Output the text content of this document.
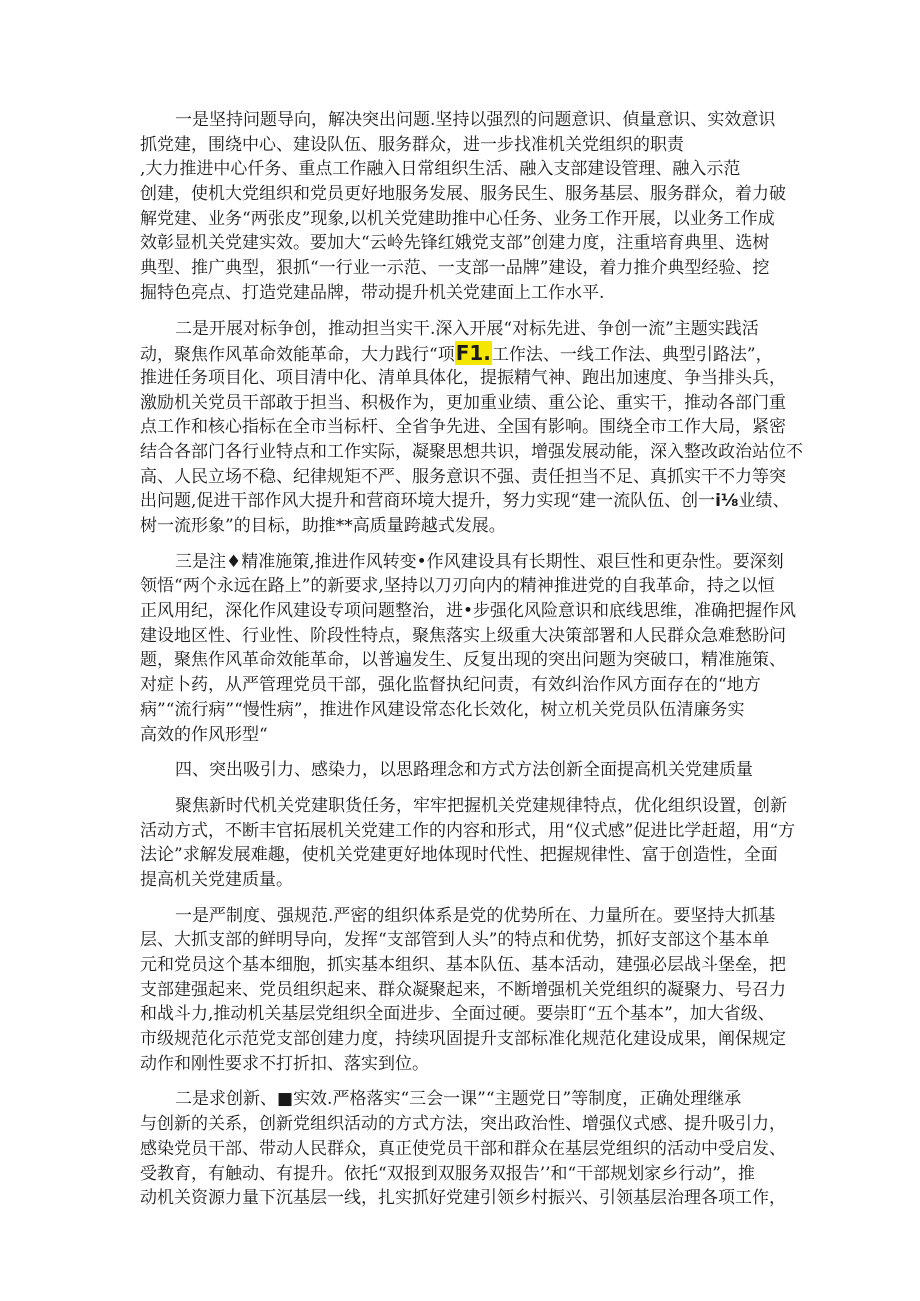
一是坚持问题导向，解决突出问题.坚持以强烈的问题意识、偵量意识、实效意识
抓党建，围绕中心、建设队伍、服务群众，进一步找准机关党组织的职责
,大力推进中心仟务、重点工作融入日常组织生活、融入支部建设管理、融入示范
创建，使机大党组织和党员更好地服务发展、服务民生、服务基层、服务群众，着力破
解党建、业务“两张皮”现象,以机关党建助推中心任务、业务工作开展，以业务工作成
效彰显机关党建实效。要加大“云岭先锋红娥党支部”创建力度，注重培育典里、选树
典型、推广典型，狠抓“一行业一示范、一支部一品牌”建设，着力推介典型经验、挖
掘特色亮点、打造党建品牌，带动提升机关党建面上工作水平.
二是开展对标争创，推动担当实干.深入开展“对标先进、争创一流”主题实践活
动，聚焦作风革命效能革命，大力践行“项F1.工作法、一线工作法、典型引路法”，
推进任务项目化、项目清中化、清单具体化，提振精气神、跑出加速度、争当排头兵，
激励机关党员干部敢于担当、积极作为，更加重业绩、重公论、重实干，推动各部门重
点工作和核心指标在全市当标杆、全省争先进、全国有影响。围绕全市工作大局，紧密
结合各部门各行业特点和工作实际，凝聚思想共识，增强发展动能，深入整改政治站位不
高、人民立场不稳、纪律规矩不严、服务意识不强、责任担当不足、真抓实干不力等突
出问题,促进干部作风大提升和营商环境大提升，努力实现“建一流队伍、创一i⅛业绩、
树一流形象”的目标，助推**高质量跨越式发展。
三是注♦精准施策,推进作风转变•作风建设具有长期性、艰巨性和更杂性。要深刻
领悟“两个永远在路上”的新要求,坚持以刀刃向内的精神推进党的自我革命，持之以恒
正风用纪，深化作风建设专项问题整治，进•步强化风险意识和底线思维，准确把握作风
建设地区性、行业性、阶段性特点，聚焦落实上级重大决策部署和人民群众急难愁盼问
题，聚焦作风革命效能革命，以普遍发生、反复出现的突出问题为突破口，精准施策、
对症卜药，从严管理党员干部，强化监督执纪问责，有效纠治作风方面存在的“地方
病”“流行病”“慢性病”，推进作风建设常态化长效化，树立机关党员队伍清廉务实
高效的作风形型“
四、突出吸引力、感染力，以思路理念和方式方法创新全面提高机关党建质量
聚焦新时代机关党建职货任务，牢牢把握机关党建规律特点，优化组织设置，创新
活动方式，不断丰官拓展机关党建工作的内容和形式，用“仪式感”促进比学赶超，用“方
法论”求解发展难趣，使机关党建更好地体现时代性、把握规律性、富于创造性，全面
提高机关党建质量。
一是严制度、强规范.严密的组织体系是党的优势所在、力量所在。要坚持大抓基
层、大抓支部的鲜明导向，发挥“支部管到人头”的特点和优势，抓好支部这个基本单
元和党员这个基本细胞，抓实基本组织、基本队伍、基本活动，建强必层战斗堡垒，把
支部建强起来、党员组织起来、群众凝聚起来，不断增强机关党组织的凝聚力、号召力
和战斗力,推动机关基层党组织全面进步、全面过硬。要崇盯“五个基本”，加大省级、
市级规范化示范党支部创建力度，持续巩固提升支部标准化规范化建设成果，阐保规定
动作和刚性要求不打折扣、落实到位。
二是求创新、■实效.严格落实“三会一课”“主题党日”等制度，正确处理继承
与创新的关系，创新党组织活动的方式方法，突出政治性、增强仪式感、提升吸引力，
感染党员干部、带动人民群众，真正使党员干部和群众在基层党组织的活动中受启发、
受教育，有触动、有提升。依托“双报到双服务双报告’’和“干部规划家乡行动”，推
动机关资源力量下沉基层一线，扎实抓好党建引领乡村振兴、引领基层治理各项工作，
